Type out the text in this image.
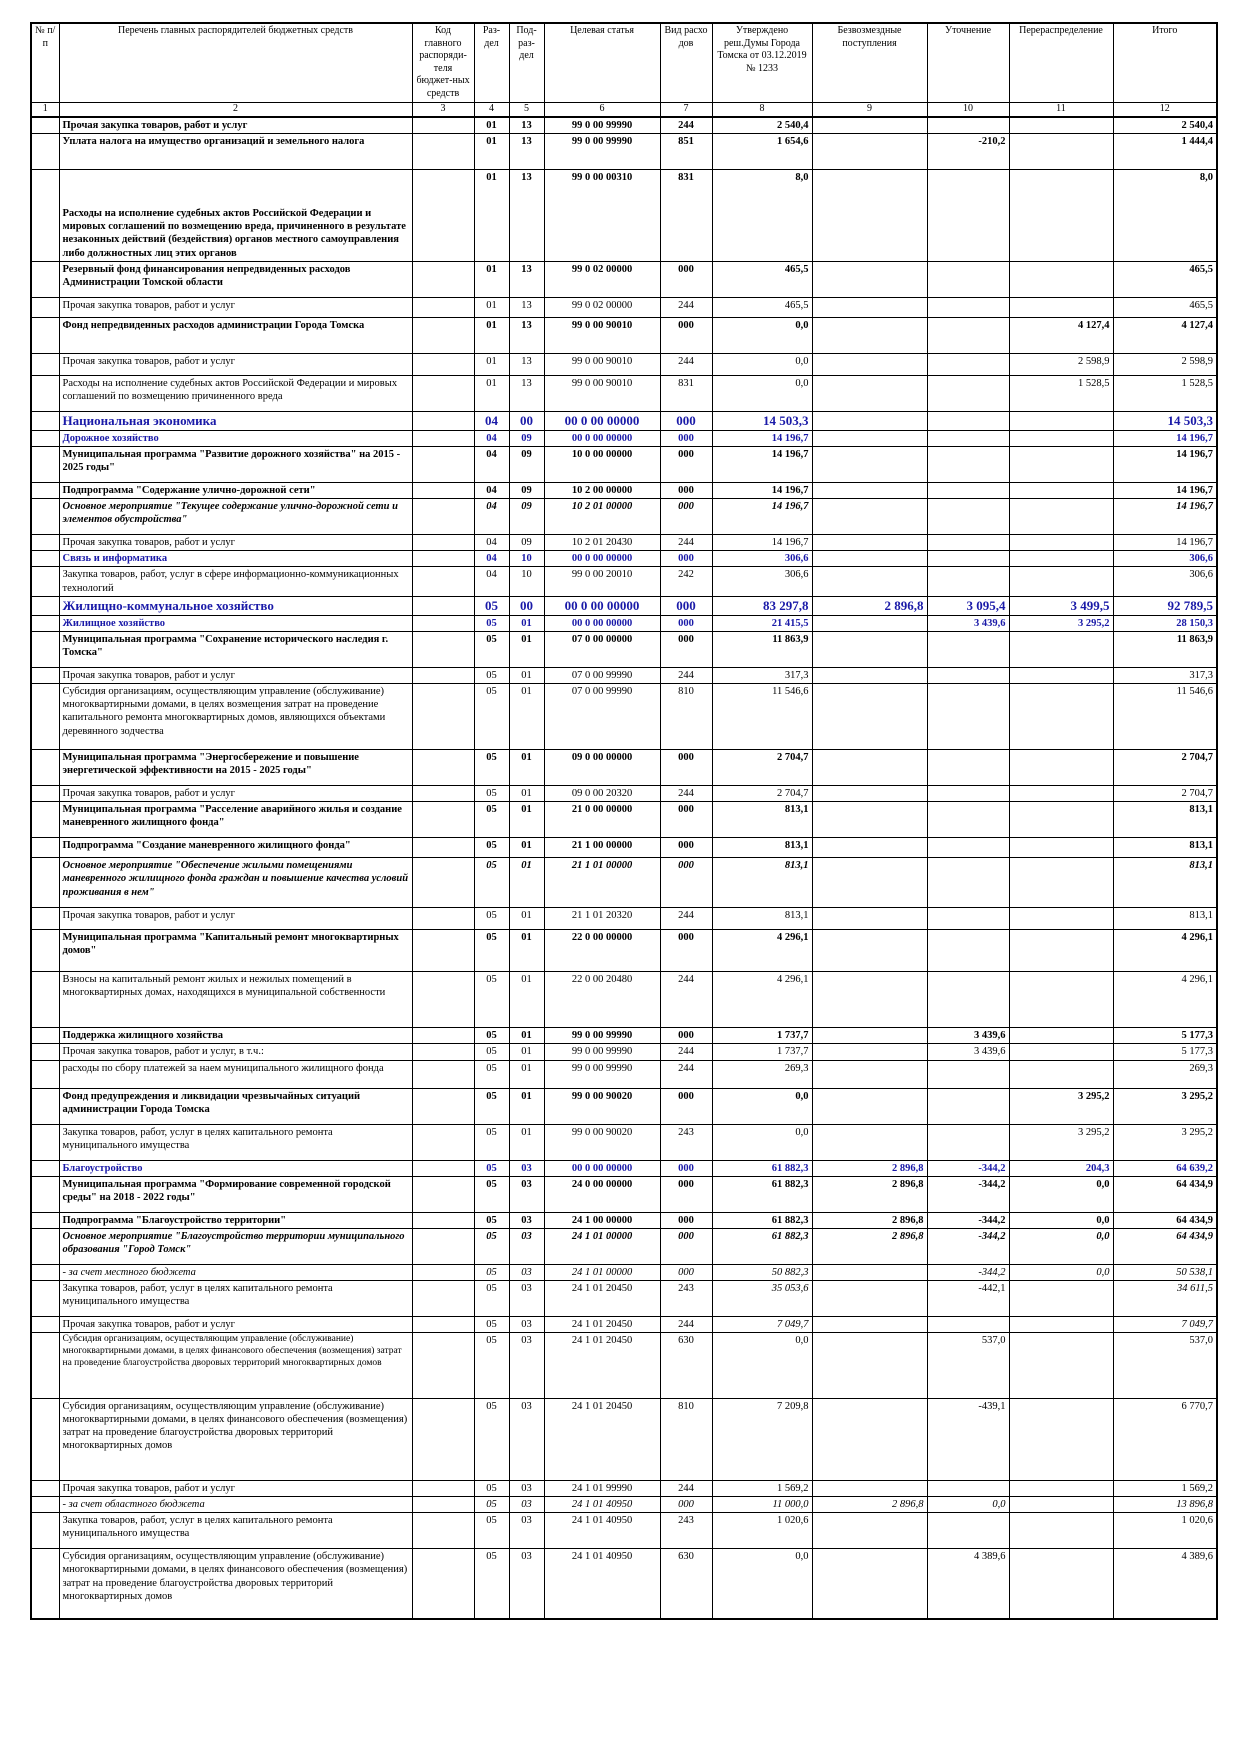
№ п/п	Перечень главных распорядителей бюджетных средств	Код главного распоряди-теля бюджет-ных средств	Раз-дел	Под-раз-дел	Целевая статья	Вид расхо дов	Утверждено реш.Думы Города Томска от 03.12.2019 № 1233	Безвозмездные поступления	Уточнение	Перераспределение	Итого
1	2	3	4	5	6	7	8	9	10	11	12
	Прочая закупка товаров, работ и услуг		01	13	99 0 00 99990	244	2 540,4				2 540,4
	Уплата налога на имущество организаций и земельного налога		01	13	99 0 00 99990	851	1 654,6		-210,2		1 444,4
	Расходы на исполнение судебных актов Российской Федерации и мировых соглашений по возмещению вреда, причиненного в результате незаконных действий (бездействия) органов местного самоуправления либо должностных лиц этих органов		01	13	99 0 00 00310	831	8,0				8,0
	Резервный фонд финансирования непредвиденных расходов Администрации Томской области		01	13	99 0 02 00000	000	465,5				465,5
	Прочая закупка товаров, работ и услуг		01	13	99 0 02 00000	244	465,5				465,5
	Фонд непредвиденных расходов администрации Города Томска		01	13	99 0 00 90010	000	0,0			4 127,4	4 127,4
	Прочая закупка товаров, работ и услуг		01	13	99 0 00 90010	244	0,0			2 598,9	2 598,9
	Расходы на исполнение судебных актов Российской Федерации и мировых соглашений по возмещению причиненного вреда		01	13	99 0 00 90010	831	0,0			1 528,5	1 528,5
	Национальная экономика		04	00	00 0 00 00000	000	14 503,3				14 503,3
	Дорожное хозяйство		04	09	00 0 00 00000	000	14 196,7				14 196,7
	Муниципальная программа "Развитие дорожного хозяйства" на 2015 - 2025 годы"		04	09	10 0 00 00000	000	14 196,7				14 196,7
	Подпрограмма "Содержание улично-дорожной сети"		04	09	10 2 00 00000	000	14 196,7				14 196,7
	Основное мероприятие "Текущее содержание улично-дорожной сети и элементов обустройства"		04	09	10 2 01 00000	000	14 196,7				14 196,7
	Прочая закупка товаров, работ и услуг		04	09	10 2 01 20430	244	14 196,7				14 196,7
	Связь и информатика		04	10	00 0 00 00000	000	306,6				306,6
	Закупка товаров, работ, услуг в сфере информационно-коммуникационных технологий		04	10	99 0 00 20010	242	306,6				306,6
	Жилищно-коммунальное хозяйство		05	00	00 0 00 00000	000	83 297,8	2 896,8	3 095,4	3 499,5	92 789,5
	Жилищное хозяйство		05	01	00 0 00 00000	000	21 415,5		3 439,6	3 295,2	28 150,3
	Муниципальная программа "Сохранение исторического наследия г. Томска"		05	01	07 0 00 00000	000	11 863,9				11 863,9
	Прочая закупка товаров, работ и услуг		05	01	07 0 00 99990	244	317,3				317,3
	Субсидия организациям, осуществляющим управление (обслуживание) многоквартирными домами, в целях возмещения затрат на проведение капитального ремонта многоквартирных домов, являющихся объектами деревянного зодчества		05	01	07 0 00 99990	810	11 546,6				11 546,6
	Муниципальная программа "Энергосбережение и повышение энергетической эффективности на 2015 - 2025 годы"		05	01	09 0 00 00000	000	2 704,7				2 704,7
	Прочая закупка товаров, работ и услуг		05	01	09 0 00 20320	244	2 704,7				2 704,7
	Муниципальная программа "Расселение аварийного жилья и создание маневренного жилищного фонда"		05	01	21 0 00 00000	000	813,1				813,1
	Подпрограмма "Создание маневренного жилищного фонда"		05	01	21 1 00 00000	000	813,1				813,1
	Основное мероприятие "Обеспечение жилыми помещениями маневренного жилищного фонда граждан и повышение качества условий проживания в нем"		05	01	21 1 01 00000	000	813,1				813,1
	Прочая закупка товаров, работ и услуг		05	01	21 1 01 20320	244	813,1				813,1
	Муниципальная программа "Капитальный ремонт многоквартирных домов"		05	01	22 0 00 00000	000	4 296,1				4 296,1
	Взносы на капитальный ремонт жилых и нежилых помещений в многоквартирных домах, находящихся в муниципальной собственности		05	01	22 0 00 20480	244	4 296,1				4 296,1
	Поддержка жилищного хозяйства		05	01	99 0 00 99990	000	1 737,7		3 439,6		5 177,3
	Прочая закупка товаров, работ и услуг, в т.ч.:		05	01	99 0 00 99990	244	1 737,7		3 439,6		5 177,3
	расходы по сбору платежей за наем муниципального жилищного фонда		05	01	99 0 00 99990	244	269,3				269,3
	Фонд предупреждения и ликвидации чрезвычайных ситуаций администрации Города Томска		05	01	99 0 00 90020	000	0,0			3 295,2	3 295,2
	Закупка товаров, работ, услуг в целях капитального ремонта муниципального имущества		05	01	99 0 00 90020	243	0,0			3 295,2	3 295,2
	Благоустройство		05	03	00 0 00 00000	000	61 882,3	2 896,8	-344,2	204,3	64 639,2
	Муниципальная программа "Формирование современной городской среды" на 2018 - 2022 годы"		05	03	24 0 00 00000	000	61 882,3	2 896,8	-344,2	0,0	64 434,9
	Подпрограмма "Благоустройство территории"		05	03	24 1 00 00000	000	61 882,3	2 896,8	-344,2	0,0	64 434,9
	Основное мероприятие "Благоустройство территории муниципального образования "Город Томск"		05	03	24 1 01 00000	000	61 882,3	2 896,8	-344,2	0,0	64 434,9
	- за счет местного бюджета		05	03	24 1 01 00000	000	50 882,3		-344,2	0,0	50 538,1
	Закупка товаров, работ, услуг в целях капитального ремонта муниципального имущества		05	03	24 1 01 20450	243	35 053,6		-442,1		34 611,5
	Прочая закупка товаров, работ и услуг		05	03	24 1 01 20450	244	7 049,7				7 049,7
	Субсидия организациям, осуществляющим управление (обслуживание) многоквартирными домами, в целях финансового обеспечения (возмещения) затрат на проведение благоустройства дворовых территорий многоквартирных домов		05	03	24 1 01 20450	630	0,0		537,0		537,0
	Субсидия организациям, осуществляющим управление (обслуживание) многоквартирными домами, в целях финансового обеспечения (возмещения) затрат на проведение благоустройства дворовых территорий многоквартирных домов		05	03	24 1 01 20450	810	7 209,8		-439,1		6 770,7
	Прочая закупка товаров, работ и услуг		05	03	24 1 01 99990	244	1 569,2				1 569,2
	- за счет областного бюджета		05	03	24 1 01 40950	000	11 000,0	2 896,8	0,0		13 896,8
	Закупка товаров, работ, услуг в целях капитального ремонта муниципального имущества		05	03	24 1 01 40950	243	1 020,6				1 020,6
	Субсидия организациям, осуществляющим управление (обслуживание) многоквартирными домами, в целях финансового обеспечения (возмещения) затрат на проведение благоустройства дворовых территорий многоквартирных домов		05	03	24 1 01 40950	630	0,0		4 389,6		4 389,6
